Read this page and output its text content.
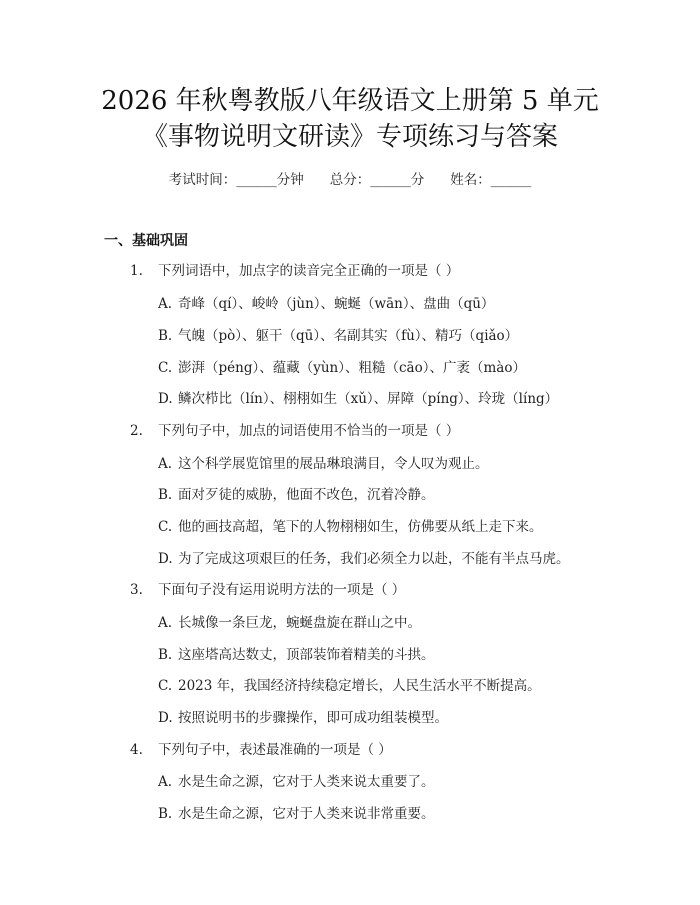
2026 年秋粤教版八年级语文上册第 5 单元
《事物说明文研读》专项练习与答案
考试时间：______分钟 总分：______分 姓名：______
一、基础巩固
1. 下列词语中，加点字的读音完全正确的一项是（ ）
A. 奇峰（qí）、峻岭（jùn）、蜿蜒（wān）、盘曲（qū）
B. 气魄（pò）、躯干（qū）、名副其实（fù）、精巧（qiǎo）
C. 澎湃（péng）、蕴藏（yùn）、粗糙（cāo）、广袤（mào）
D. 鳞次栉比（lín）、栩栩如生（xǔ）、屏障（píng）、玲珑（líng）
2. 下列句子中，加点的词语使用不恰当的一项是（ ）
A. 这个科学展览馆里的展品琳琅满目，令人叹为观止。
B. 面对歹徒的威胁，他面不改色，沉着冷静。
C. 他的画技高超，笔下的人物栩栩如生，仿佛要从纸上走下来。
D. 为了完成这项艰巨的任务，我们必须全力以赴，不能有半点马虎。
3. 下面句子没有运用说明方法的一项是（ ）
A. 长城像一条巨龙，蜿蜒盘旋在群山之中。
B. 这座塔高达数丈，顶部装饰着精美的斗拱。
C. 2023 年，我国经济持续稳定增长，人民生活水平不断提高。
D. 按照说明书的步骤操作，即可成功组装模型。
4. 下列句子中，表述最准确的一项是（ ）
A. 水是生命之源，它对于人类来说太重要了。
B. 水是生命之源，它对于人类来说非常重要。
